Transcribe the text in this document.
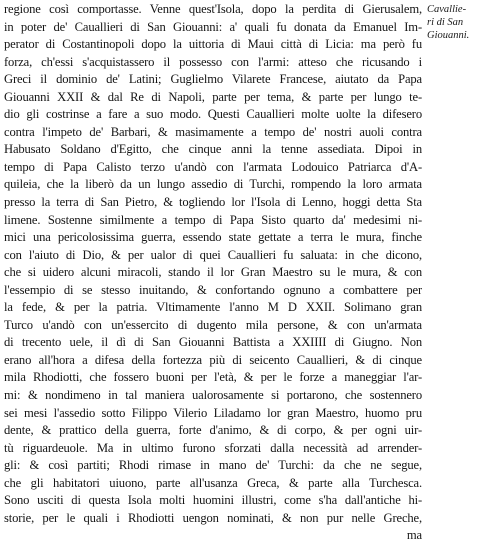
regione così comportasse. Venne quest'Isola, dopo la perdita di Gierusalem,
in poter de' Cauallieri di San Giouanni: a' quali fu donata da Emanuel Im-
perator di Costantinopoli dopo la uittoria di Maui città di Licia: ma però fu
forza, ch'essi s'acquistassero il possesso con l'armi: atteso che ricusando i
Greci il dominio de' Latini; Guglielmo Vilarete Francese, aiutato da Papa
Giouanni XXII & dal Re di Napoli, parte per tema, & parte per lungo te-
dio gli costrinse a fare a suo modo. Questi Cauallieri molte uolte la difesero
contra l'impeto de' Barbari, & masimamente a tempo de' nostri auoli contra
Habusato Soldano d'Egitto, che cinque anni la tenne assediata. Dipoi in
tempo di Papa Calisto terzo u'andò con l'armata Lodouico Patriarca d'A-
quileia, che la liberò da un lungo assedio di Turchi, rompendo la loro armata
presso la terra di San Pietro, & togliendo lor l'Isola di Lenno, hoggi detta Sta
limene. Sostenne similmente a tempo di Papa Sisto quarto da' medesimi ni-
mici una pericolosissima guerra, essendo state gettate a terra le mura, finche
con l'aiuto di Dio, & per ualor di quei Cauallieri fu saluata: in che dicono,
che si uidero alcuni miracoli, stando il lor Gran Maestro su le mura, & con
l'essempio di se stesso inuitando, & confortando ognuno a combattere per
la fede, & per la patria. Vltimamente l'anno M D XXII. Solimano gran
Turco u'andò con un'essercito di dugento mila persone, & con un'armata
di trecento uele, il dì di San Giouanni Battista a XXIIII di Giugno. Non
erano all'hora a difesa della fortezza più di seicento Cauallieri, & di cinque
mila Rhodiotti, che fossero buoni per l'età, & per le forze a maneggiar l'ar-
mi: & nondimeno in tal maniera ualorosamente si portarono, che sostennero
sei mesi l'assedio sotto Filippo Vilerio Liladamo lor gran Maestro, huomo pru
dente, & prattico della guerra, forte d'animo, & di corpo, & per ogni uir-
tù riguardeuole. Ma in ultimo furono sforzati dalla necessità ad arrender-
gli: & così partiti; Rhodi rimase in mano de' Turchi: da che ne segue,
che gli habitatori uiuono, parte all'usanza Greca, & parte alla Turchesca.
Sono usciti di questa Isola molti huomini illustri, come s'ha dall'antiche hi-
storie, per le quali i Rhodiotti uengon nominati, & non pur nelle Greche,
ma
Cavallie-
ri di San
Giouanni.
